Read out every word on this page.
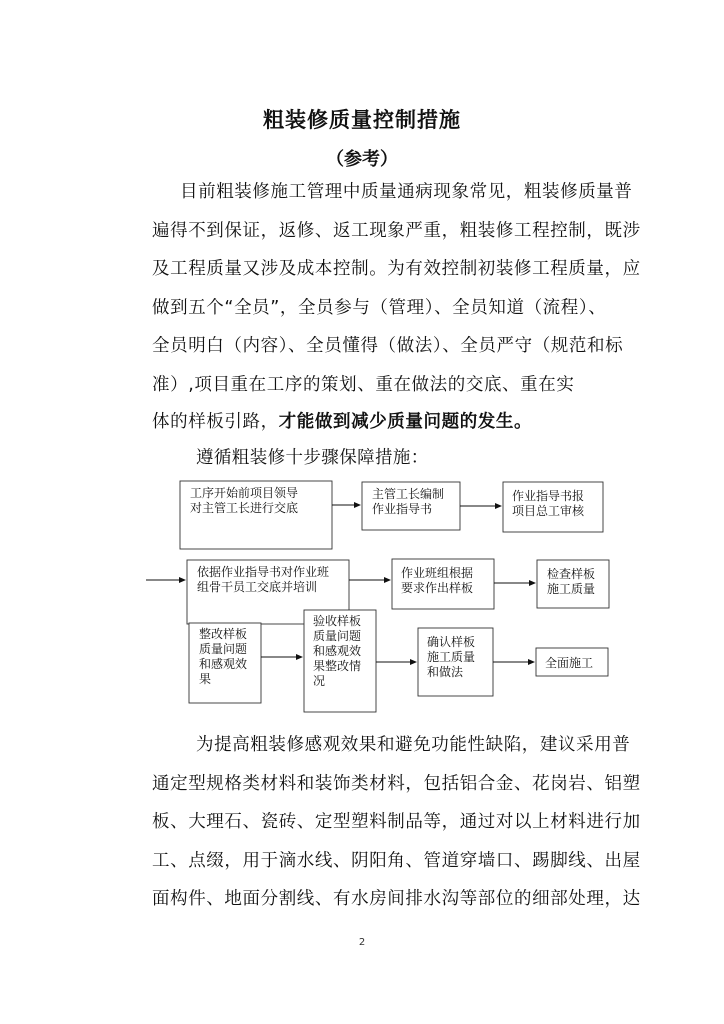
粗装修质量控制措施
（参考）
目前粗装修施工管理中质量通病现象常见，粗装修质量普
遍得不到保证，返修、返工现象严重，粗装修工程控制，既涉
及工程质量又涉及成本控制。为有效控制初装修工程质量，应
做到五个“全员”，全员参与（管理）、全员知道（流程）、
全员明白（内容）、全员懂得（做法）、全员严守（规范和标
准）,项目重在工序的策划、重在做法的交底、重在实
体的样板引路，才能做到减少质量问题的发生。
遵循粗装修十步骤保障措施：
工序开始前项目领导
对主管工长进行交底
主管工长编制
作业指导书
作业指导书报
项目总工审核
依据作业指导书对作业班
组骨干员工交底并培训
作业班组根据
要求作出样板
检查样板
施工质量
整改样板
质量问题
和感观效
果
验收样板
质量问题
和感观效
果整改情
况
确认样板
施工质量
和做法
全面施工
为提高粗装修感观效果和避免功能性缺陷，建议采用普
通定型规格类材料和装饰类材料，包括铝合金、花岗岩、铝塑
板、大理石、瓷砖、定型塑料制品等，通过对以上材料进行加
工、点缀，用于滴水线、阴阳角、管道穿墙口、踢脚线、出屋
面构件、地面分割线、有水房间排水沟等部位的细部处理，达
2
